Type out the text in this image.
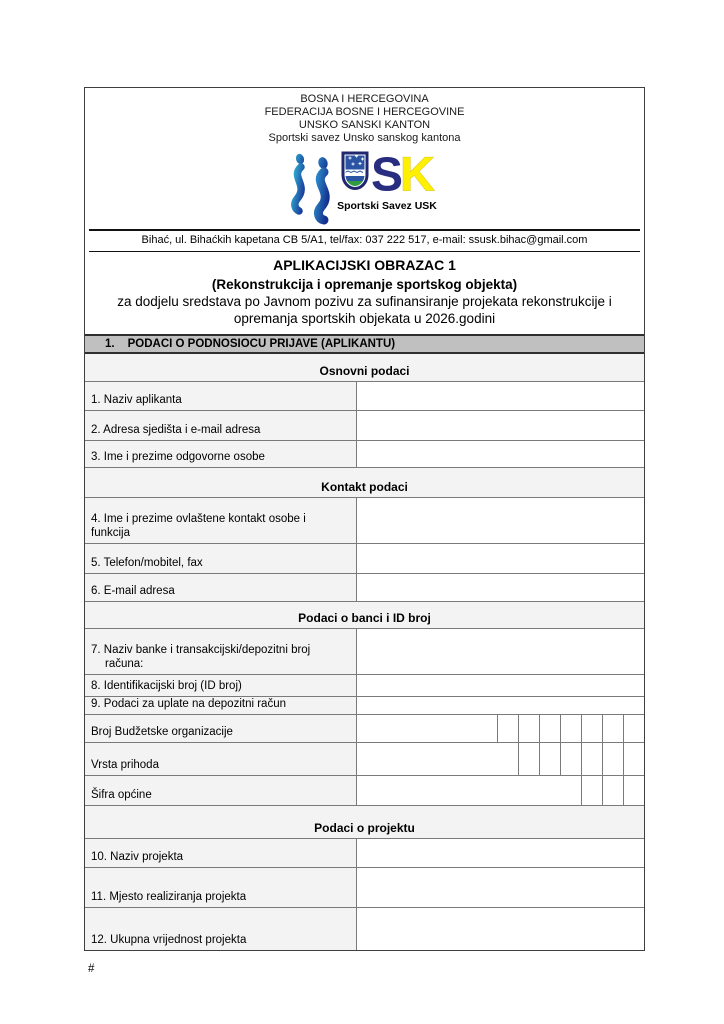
BOSNA I HERCEGOVINA
FEDERACIJA BOSNE I HERCEGOVINE
UNSKO SANSKI KANTON
Sportski savez Unsko sanskog kantona
S
K
Sportski Savez USK
Bihać, ul. Bihaćkih kapetana CB 5/A1, tel/fax: 037 222 517, e-mail: ssusk.bihac@gmail.com
APLIKACIJSKI OBRAZAC 1
(Rekonstrukcija i opremanje sportskog objekta)
za dodjelu sredstava po Javnom pozivu za sufinansiranje projekata rekonstrukcije i
opremanja sportskih objekata u 2026.godini
1. PODACI O PODNOSIOCU PRIJAVE (APLIKANTU)
Osnovni podaci
1. Naziv aplikanta
2. Adresa sjedišta i e-mail adresa
3. Ime i prezime odgovorne osobe
Kontakt podaci
4. Ime i prezime ovlaštene kontakt osobe i funkcija
5. Telefon/mobitel, fax
6. E-mail adresa
Podaci o banci i ID broj
7. Naziv banke i transakcijski/depozitni broj računa:
8. Identifikacijski broj (ID broj)
9. Podaci za uplate na depozitni račun
Broj Budžetske organizacije
Vrsta prihoda
Šifra općine
Podaci o projektu
10. Naziv projekta
11. Mjesto realiziranja projekta
12. Ukupna vrijednost projekta
#
